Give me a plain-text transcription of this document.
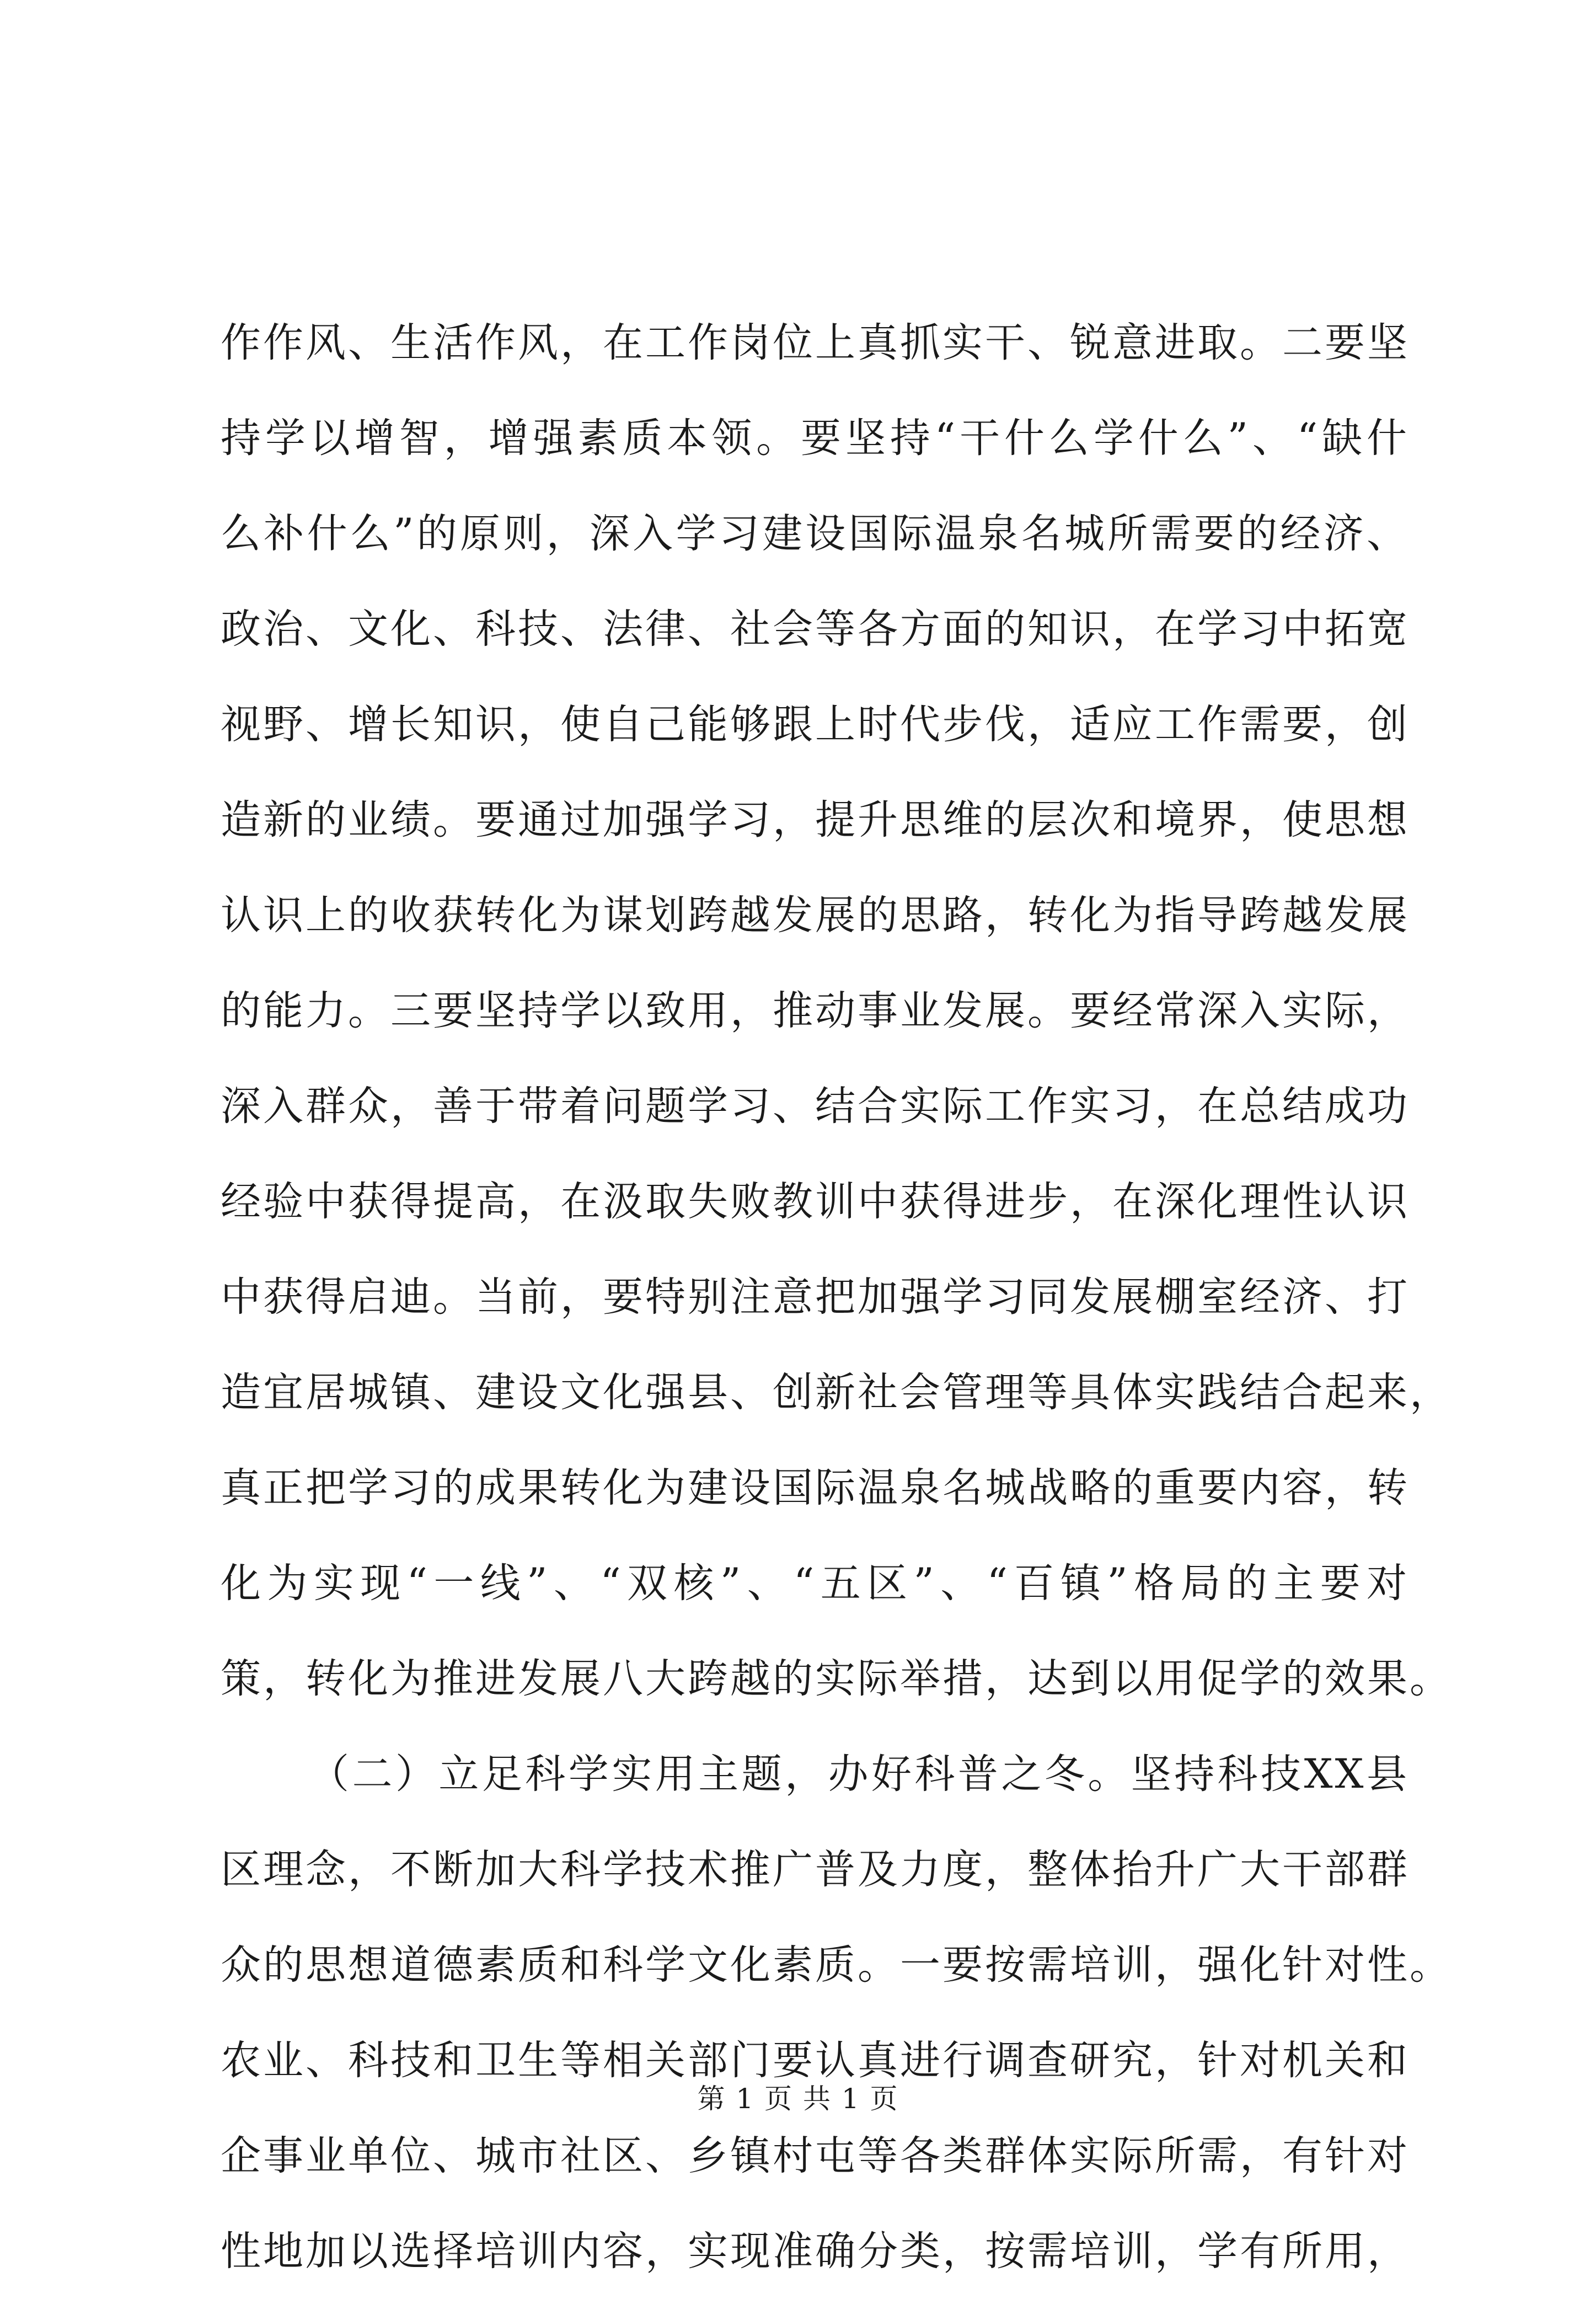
作作风、生活作风，在工作岗位上真抓实干、锐意进取。二要坚
持学以增智，增强素质本领。要坚持“干什么学什么”、“缺什
么补什么”的原则，深入学习建设国际温泉名城所需要的经济、
政治、文化、科技、法律、社会等各方面的知识，在学习中拓宽
视野、增长知识，使自己能够跟上时代步伐，适应工作需要，创
造新的业绩。要通过加强学习，提升思维的层次和境界，使思想
认识上的收获转化为谋划跨越发展的思路，转化为指导跨越发展
的能力。三要坚持学以致用，推动事业发展。要经常深入实际，
深入群众，善于带着问题学习、结合实际工作实习，在总结成功
经验中获得提高，在汲取失败教训中获得进步，在深化理性认识
中获得启迪。当前，要特别注意把加强学习同发展棚室经济、打
造宜居城镇、建设文化强县、创新社会管理等具体实践结合起来，
真正把学习的成果转化为建设国际温泉名城战略的重要内容，转
化为实现“一线”、“双核”、“五区”、“百镇”格局的主要对
策，转化为推进发展八大跨越的实际举措，达到以用促学的效果。
（二）立足科学实用主题，办好科普之冬。坚持科技XX县
区理念，不断加大科学技术推广普及力度，整体抬升广大干部群
众的思想道德素质和科学文化素质。一要按需培训，强化针对性。
农业、科技和卫生等相关部门要认真进行调查研究，针对机关和
企事业单位、城市社区、乡镇村屯等各类群体实际所需，有针对
性地加以选择培训内容，实现准确分类，按需培训，学有所用，
第 1 页 共 1 页
